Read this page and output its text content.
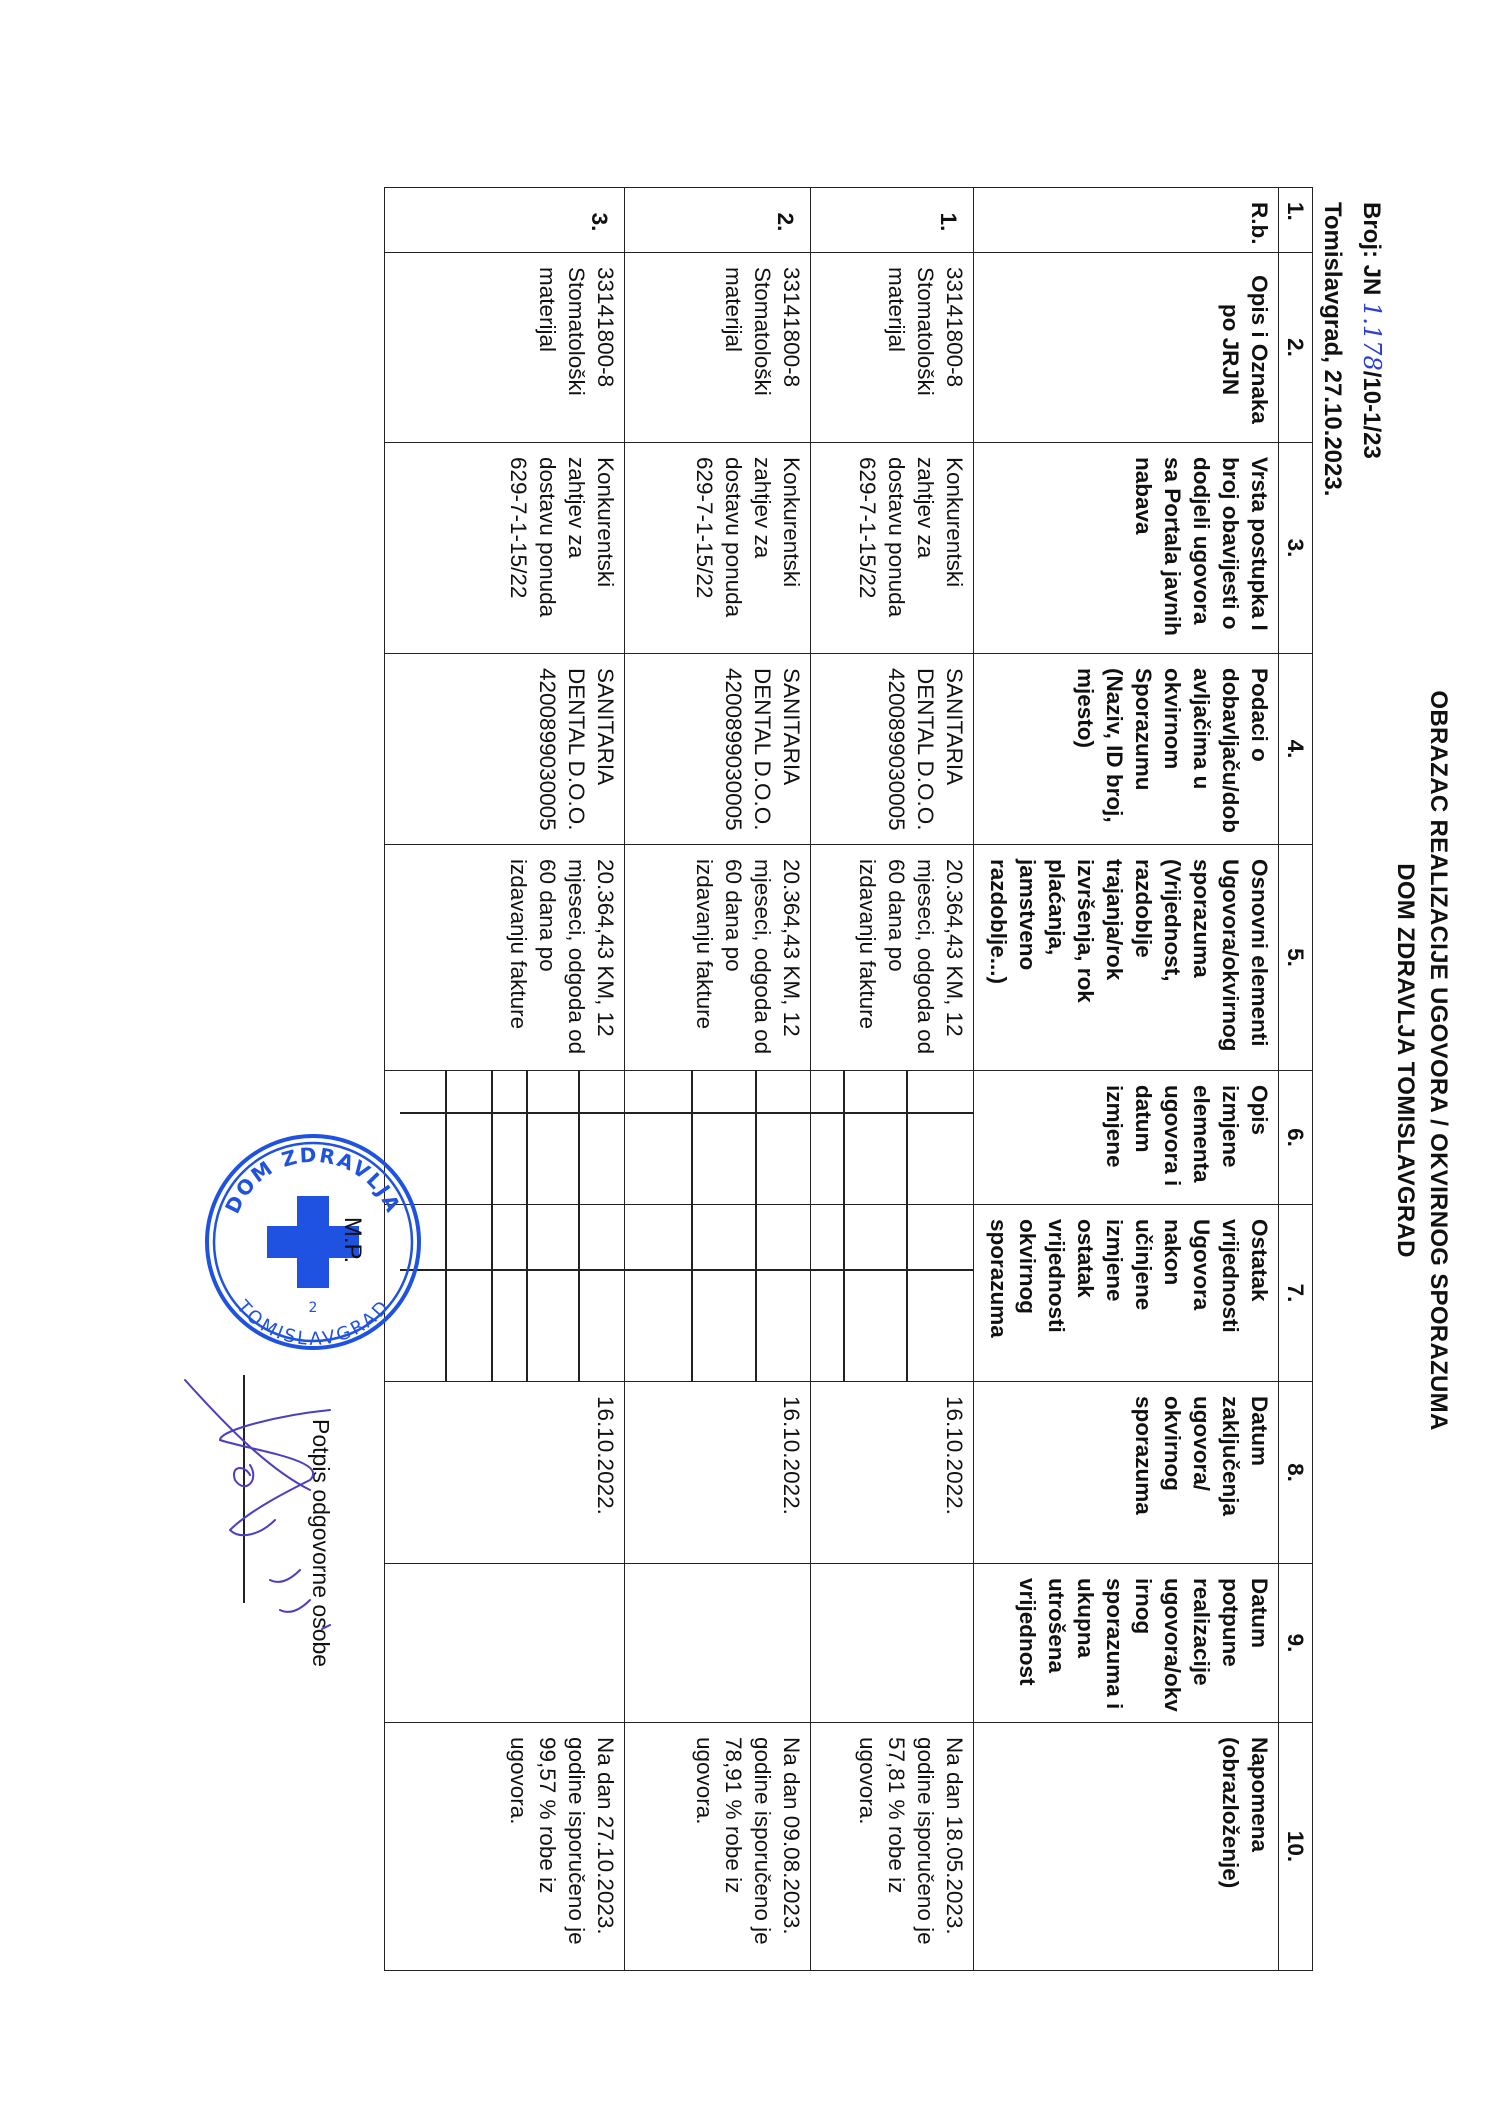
OBRAZAC REALIZACIJE UGOVORA / OKVIRNOG SPORAZUMA
DOM ZDRAVLJA TOMISLAVGRAD
Broj: JN 1.178/10-1/23
Tomislavgrad, 27.10.2023.
1.	2.	3.	4.	5.	6.	7.	8.	9.	10.
R.b.	Opis i Oznaka po JRJN	Vrsta postupka I broj obavijesti o dodjeli ugovora sa Portala javnih nabava	Podaci o dobavljaču/dob avljačima u okvirnom Sporazumu (Naziv, ID broj, mjesto)	Osnovni elementi Ugovora/okvirnog sporazuma (Vrijednost, razdoblje trajanja/rok izvršenja, rok plaćanja, jamstveno razdoblje...)	Opis izmjene elementa ugovora i datum izmjene	Ostatak vrijednosti Ugovora nakon učinjene izmjene ostatak vrijednosti okvirnog sporazuma	Datum zaključenja ugovora/ okvirnog sporazuma	Datum potpune realizacije ugovora/okv irnog sporazuma i ukupna utrošena vrijednost	Napomena (obrazloženje)
1.	33141800-8 Stomatološki materijal	Konkurentski zahtjev za dostavu ponuda 629-7-1-15/22	SANITARIA DENTAL D.O.O. 4200899030005	20.364,43 KM, 12 mjeseci, odgoda od 60 dana po izdavanju fakture			16.10.2022.		Na dan 18.05.2023. godine isporučeno je 57,81 % robe iz ugovora.
2.	33141800-8 Stomatološki materijal	Konkurentski zahtjev za dostavu ponuda 629-7-1-15/22	SANITARIA DENTAL D.O.O. 4200899030005	20.364,43 KM, 12 mjeseci, odgoda od 60 dana po izdavanju fakture			16.10.2022.		Na dan 09.08.2023. godine isporučeno je 78,91 % robe iz ugovora.
3.	33141800-8 Stomatološki materijal	Konkurentski zahtjev za dostavu ponuda 629-7-1-15/22	SANITARIA DENTAL D.O.O. 4200899030005	20.364,43 KM, 12 mjeseci, odgoda od 60 dana po izdavanju fakture			16.10.2022.		Na dan 27.10.2023. godine isporučeno je 99,57 % robe iz ugovora.
DOM ZDRAVLJA
TOMISLAVGRAD
2
M.P.
Potpis odgovorne osobe
